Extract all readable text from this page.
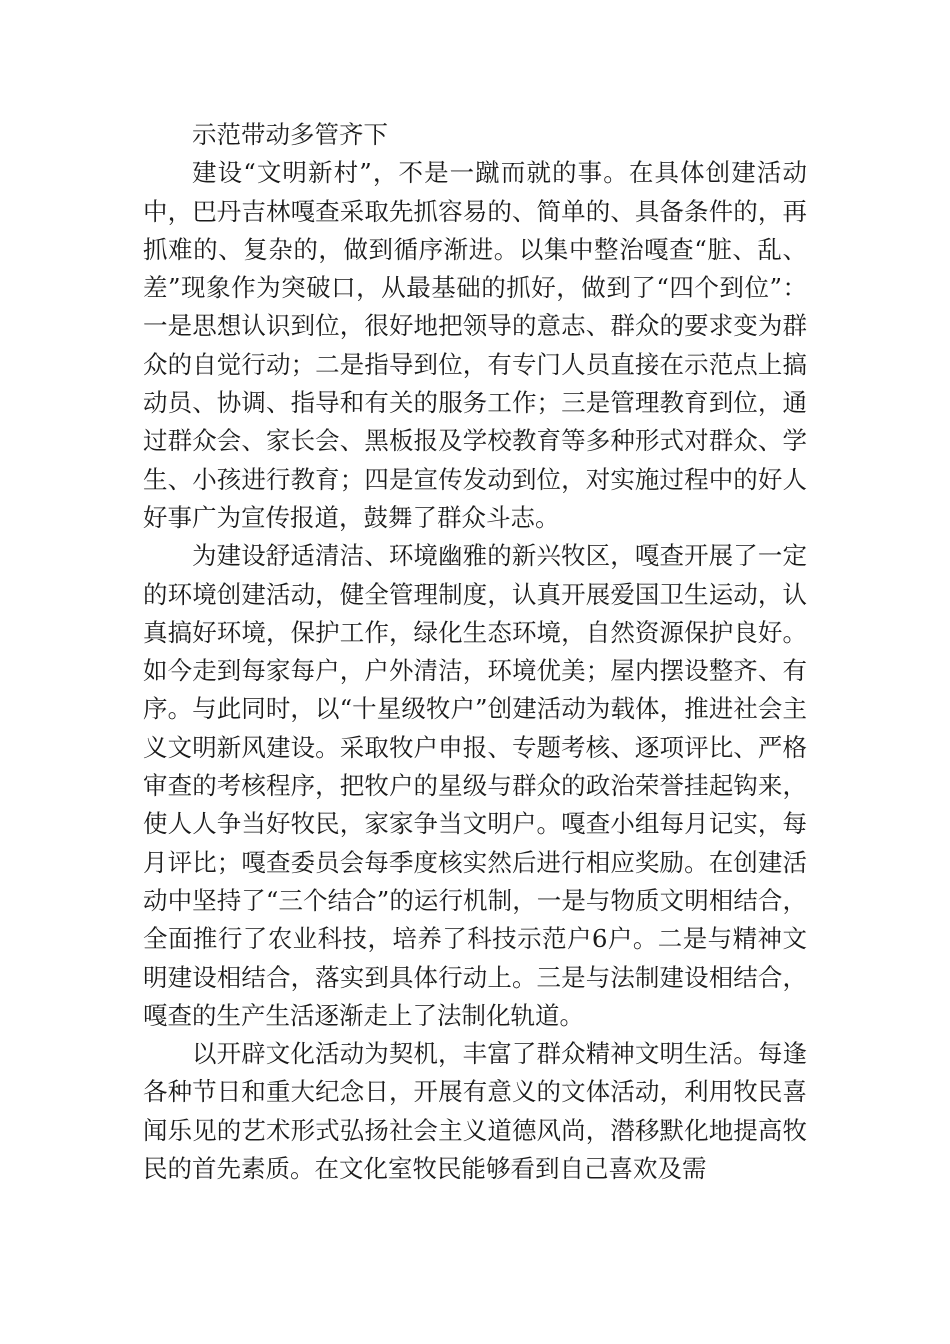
示范带动多管齐下

建设“文明新村”，不是一蹴而就的事。在具体创建活动中，巴丹吉林嘎查采取先抓容易的、简单的、具备条件的，再抓难的、复杂的，做到循序渐进。以集中整治嘎查“脏、乱、差”现象作为突破口，从最基础的抓好，做到了“四个到位”：一是思想认识到位，很好地把领导的意志、群众的要求变为群众的自觉行动；二是指导到位，有专门人员直接在示范点上搞动员、协调、指导和有关的服务工作；三是管理教育到位，通过群众会、家长会、黑板报及学校教育等多种形式对群众、学生、小孩进行教育；四是宣传发动到位，对实施过程中的好人好事广为宣传报道，鼓舞了群众斗志。

为建设舒适清洁、环境幽雅的新兴牧区，嘎查开展了一定的环境创建活动，健全管理制度，认真开展爱国卫生运动，认真搞好环境，保护工作，绿化生态环境，自然资源保护良好。如今走到每家每户，户外清洁，环境优美；屋内摆设整齐、有序。与此同时，以“十星级牧户”创建活动为载体，推进社会主义文明新风建设。采取牧户申报、专题考核、逐项评比、严格审查的考核程序，把牧户的星级与群众的政治荣誉挂起钩来，使人人争当好牧民，家家争当文明户。嘎查小组每月记实，每月评比；嘎查委员会每季度核实然后进行相应奖励。在创建活动中坚持了“三个结合”的运行机制，一是与物质文明相结合，全面推行了农业科技，培养了科技示范户6户。二是与精神文明建设相结合，落实到具体行动上。三是与法制建设相结合，嘎查的生产生活逐渐走上了法制化轨道。

以开辟文化活动为契机，丰富了群众精神文明生活。每逢各种节日和重大纪念日，开展有意义的文体活动，利用牧民喜闻乐见的艺术形式弘扬社会主义道德风尚，潜移默化地提高牧民的首先素质。在文化室牧民能够看到自己喜欢及需
